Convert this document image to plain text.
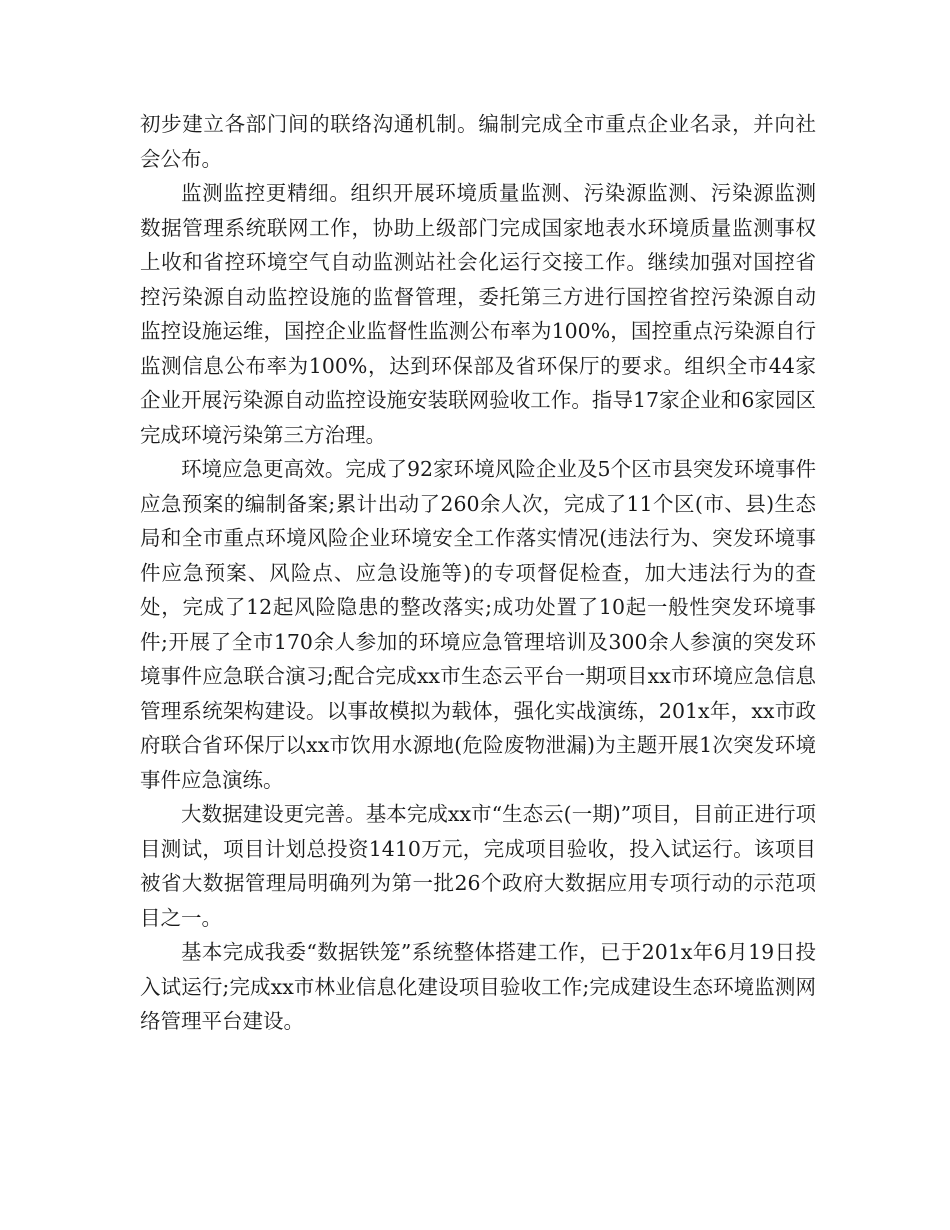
初步建立各部门间的联络沟通机制。编制完成全市重点企业名录，并向社会公布。

监测监控更精细。组织开展环境质量监测、污染源监测、污染源监测数据管理系统联网工作，协助上级部门完成国家地表水环境质量监测事权上收和省控环境空气自动监测站社会化运行交接工作。继续加强对国控省控污染源自动监控设施的监督管理，委托第三方进行国控省控污染源自动监控设施运维，国控企业监督性监测公布率为100%，国控重点污染源自行监测信息公布率为100%，达到环保部及省环保厅的要求。组织全市44家企业开展污染源自动监控设施安装联网验收工作。指导17家企业和6家园区完成环境污染第三方治理。

环境应急更高效。完成了92家环境风险企业及5个区市县突发环境事件应急预案的编制备案;累计出动了260余人次，完成了11个区(市、县)生态局和全市重点环境风险企业环境安全工作落实情况(违法行为、突发环境事件应急预案、风险点、应急设施等)的专项督促检查，加大违法行为的查处，完成了12起风险隐患的整改落实;成功处置了10起一般性突发环境事件;开展了全市170余人参加的环境应急管理培训及300余人参演的突发环境事件应急联合演习;配合完成xx市生态云平台一期项目xx市环境应急信息管理系统架构建设。以事故模拟为载体，强化实战演练，201x年，xx市政府联合省环保厅以xx市饮用水源地(危险废物泄漏)为主题开展1次突发环境事件应急演练。

大数据建设更完善。基本完成xx市“生态云(一期)”项目，目前正进行项目测试，项目计划总投资1410万元，完成项目验收，投入试运行。该项目被省大数据管理局明确列为第一批26个政府大数据应用专项行动的示范项目之一。

基本完成我委“数据铁笼”系统整体搭建工作，已于201x年6月19日投入试运行;完成xx市林业信息化建设项目验收工作;完成建设生态环境监测网络管理平台建设。
